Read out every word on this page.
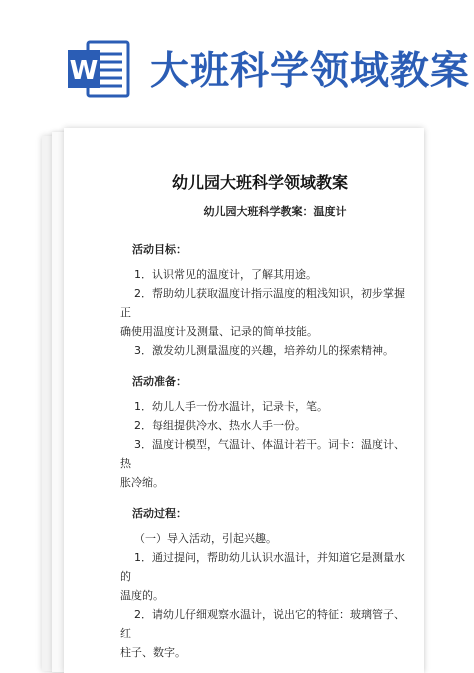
W 大班科学领域教案
幼儿园大班科学领域教案
幼儿园大班科学教案：温度计
活动目标：

1．认识常见的温度计，了解其用途。

2．帮助幼儿获取温度计指示温度的粗浅知识，初步掌握正

确使用温度计及测量、记录的简单技能。

3．激发幼儿测量温度的兴趣，培养幼儿的探索精神。

活动准备：

1．幼儿人手一份水温计，记录卡，笔。

2．每组提供冷水、热水人手一份。

3．温度计模型，气温计、体温计若干。词卡：温度计、热

胀冷缩。

活动过程：

（一）导入活动，引起兴趣。

1．通过提问，帮助幼儿认识水温计，并知道它是测量水的

温度的。

2．请幼儿仔细观察水温计，说出它的特征：玻璃管子、红

柱子、数字。
